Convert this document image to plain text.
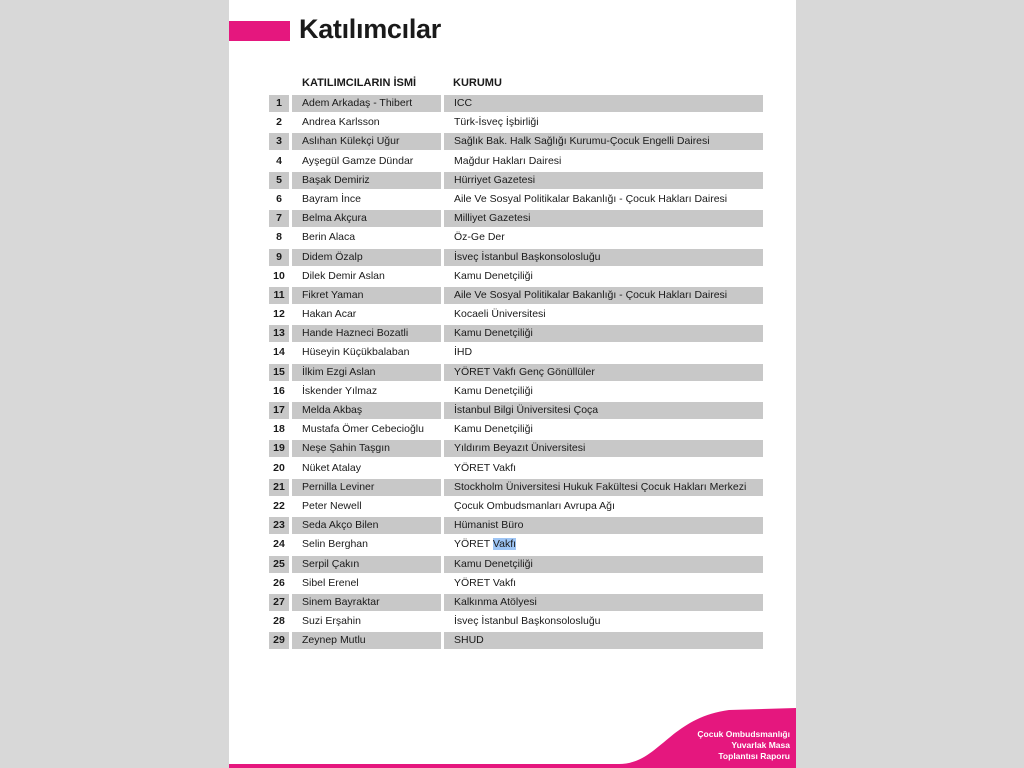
Katılımcılar
KATILIMCILARIN İSMİ	KURUMU
1	Adem Arkadaş - Thibert	ICC
2	Andrea Karlsson	Türk-İsveç İşbirliği
3	Aslıhan Külekçi Uğur	Sağlık Bak. Halk Sağlığı Kurumu-Çocuk Engelli Dairesi
4	Ayşegül Gamze Dündar	Mağdur Hakları Dairesi
5	Başak Demiriz	Hürriyet Gazetesi
6	Bayram İnce	Aile Ve Sosyal Politikalar Bakanlığı - Çocuk Hakları Dairesi
7	Belma Akçura	Milliyet Gazetesi
8	Berin Alaca	Öz-Ge Der
9	Didem Özalp	İsveç İstanbul Başkonsolosluğu
10	Dilek Demir Aslan	Kamu Denetçiliği
11	Fikret Yaman	Aile Ve Sosyal Politikalar Bakanlığı - Çocuk Hakları Dairesi
12	Hakan Acar	Kocaeli Üniversitesi
13	Hande Hazneci Bozatli	Kamu Denetçiliği
14	Hüseyin Küçükbalaban	İHD
15	İlkim Ezgi Aslan	YÖRET Vakfı Genç Gönüllüler
16	İskender Yılmaz	Kamu Denetçiliği
17	Melda Akbaş	İstanbul Bilgi Üniversitesi Çoça
18	Mustafa Ömer Cebecioğlu	Kamu Denetçiliği
19	Neşe Şahin Taşgın	Yıldırım Beyazıt Üniversitesi
20	Nüket Atalay	YÖRET Vakfı
21	Pernilla Leviner	Stockholm Üniversitesi Hukuk Fakültesi Çocuk Hakları Merkezi
22	Peter Newell	Çocuk Ombudsmanları Avrupa Ağı
23	Seda Akço Bilen	Hümanist Büro
24	Selin Berghan	YÖRET Vakfı
25	Serpil Çakın	Kamu Denetçiliği
26	Sibel Erenel	YÖRET Vakfı
27	Sinem Bayraktar	Kalkınma Atölyesi
28	Suzi Erşahin	İsveç İstanbul Başkonsolosluğu
29	Zeynep Mutlu	SHUD
Çocuk Ombudsmanlığı
Yuvarlak Masa
Toplantısı Raporu
